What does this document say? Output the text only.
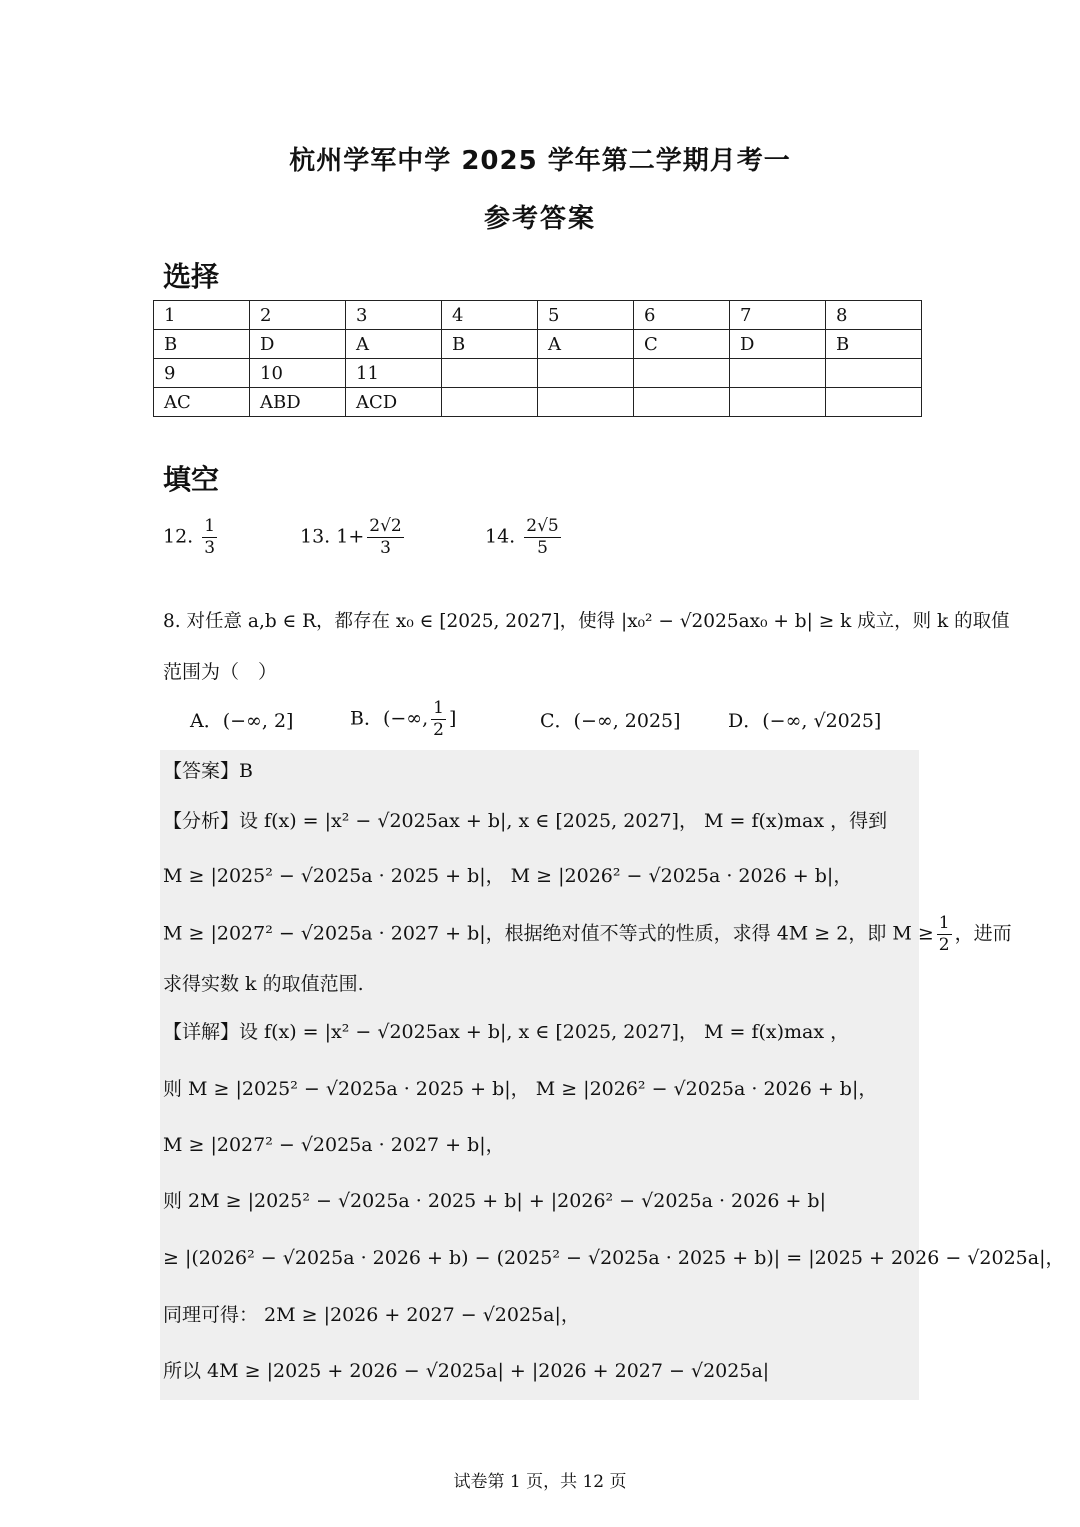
杭州学军中学 2025 学年第二学期月考一
参考答案
选择
1	2	3	4	5	6	7	8
B	D	A	B	A	C	D	B
9	10	11					
AC	ABD	ACD					
填空
12. $\frac{1}{3}$	13. $1+ \frac{2√2}{3}$	14. $\frac{2√5}{5}$
8. 对任意 a,b ∈ R，都存在 x₀ ∈ [2025, 2027]，使得 |x₀² − √2025ax₀ + b| ≥ k 成立，则 k 的取值
范围为（　）
A．(−∞, 2]	B．(−∞, $\frac{1}{2}$ ]	C．(−∞, 2025] D．(−∞, √2025]
【答案】B
【分析】设 f(x) = |x² − √2025ax + b|, x ∈ [2025, 2027]， M = f(x)max ，得到
M ≥ |2025² − √2025a · 2025 + b|， M ≥ |2026² − √2025a · 2026 + b|，
M ≥ |2027² − √2025a · 2027 + b|，根据绝对值不等式的性质，求得 4M ≥ 2，即 $M \ge \frac{1}{2}$ ，进而
求得实数 k 的取值范围.
【详解】设 f(x) = |x² − √2025ax + b|, x ∈ [2025, 2027]， M = f(x)max ，
则 M ≥ |2025² − √2025a · 2025 + b|， M ≥ |2026² − √2025a · 2026 + b|，
M ≥ |2027² − √2025a · 2027 + b|，
则 2M ≥ |2025² − √2025a · 2025 + b| + |2026² − √2025a · 2026 + b|
≥ |(2026² − √2025a · 2026 + b) − (2025² − √2025a · 2025 + b)| = |2025 + 2026 − √2025a|，
同理可得： 2M ≥ |2026 + 2027 − √2025a|，
所以 4M ≥ |2025 + 2026 − √2025a| + |2026 + 2027 − √2025a|
试卷第 1 页，共 12 页
